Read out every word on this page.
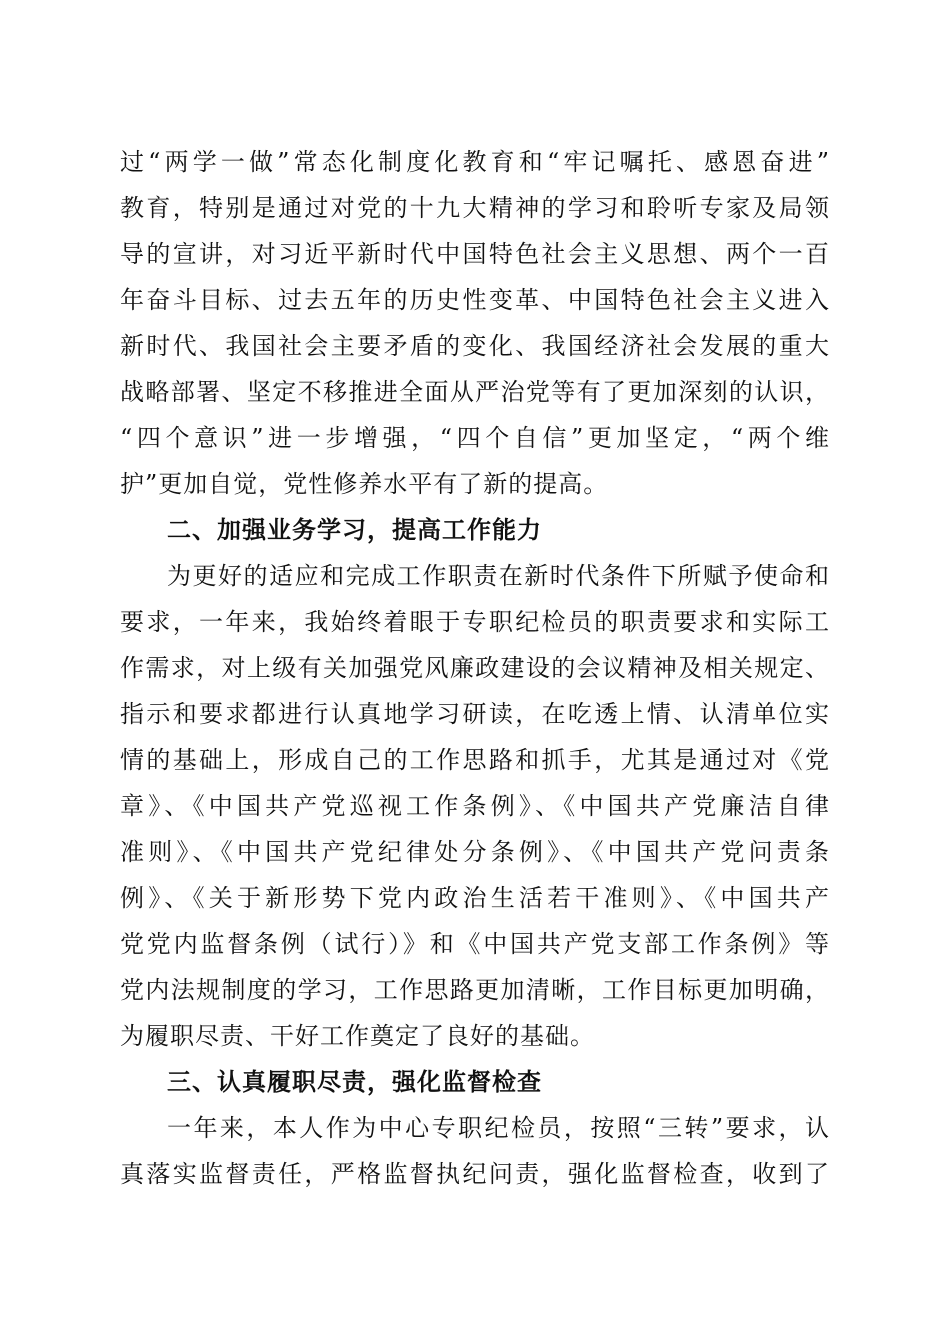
过“两学一做”常态化制度化教育和“牢记嘱托、感恩奋进”
教育，特别是通过对党的十九大精神的学习和聆听专家及局领
导的宣讲，对习近平新时代中国特色社会主义思想、两个一百
年奋斗目标、过去五年的历史性变革、中国特色社会主义进入
新时代、我国社会主要矛盾的变化、我国经济社会发展的重大
战略部署、坚定不移推进全面从严治党等有了更加深刻的认识，
“四个意识”进一步增强，“四个自信”更加坚定，“两个维
护”更加自觉，党性修养水平有了新的提高。
二、加强业务学习，提高工作能力
为更好的适应和完成工作职责在新时代条件下所赋予使命和
要求，一年来，我始终着眼于专职纪检员的职责要求和实际工
作需求，对上级有关加强党风廉政建设的会议精神及相关规定、
指示和要求都进行认真地学习研读，在吃透上情、认清单位实
情的基础上，形成自己的工作思路和抓手，尤其是通过对《党
章》、《中国共产党巡视工作条例》、《中国共产党廉洁自律
准则》、《中国共产党纪律处分条例》、《中国共产党问责条
例》、《关于新形势下党内政治生活若干准则》、《中国共产
党党内监督条例（试行）》和《中国共产党支部工作条例》等
党内法规制度的学习，工作思路更加清晰，工作目标更加明确，
为履职尽责、干好工作奠定了良好的基础。
三、认真履职尽责，强化监督检查
一年来，本人作为中心专职纪检员，按照“三转”要求，认
真落实监督责任，严格监督执纪问责，强化监督检查，收到了
